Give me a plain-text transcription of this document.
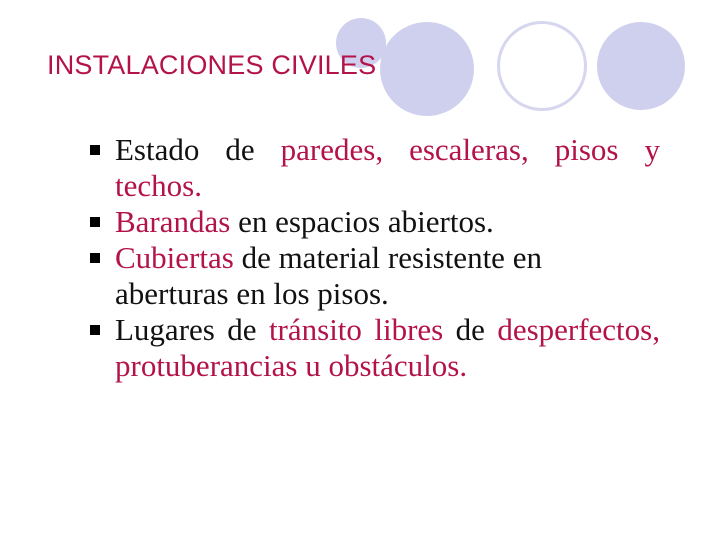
INSTALACIONES CIVILES

Estado de paredes, escaleras, pisos y techos.

Barandas en espacios abiertos.

Cubiertas de material resistente en aberturas en los pisos.

Lugares de tránsito libres de desperfectos, protuberancias u obstáculos.
